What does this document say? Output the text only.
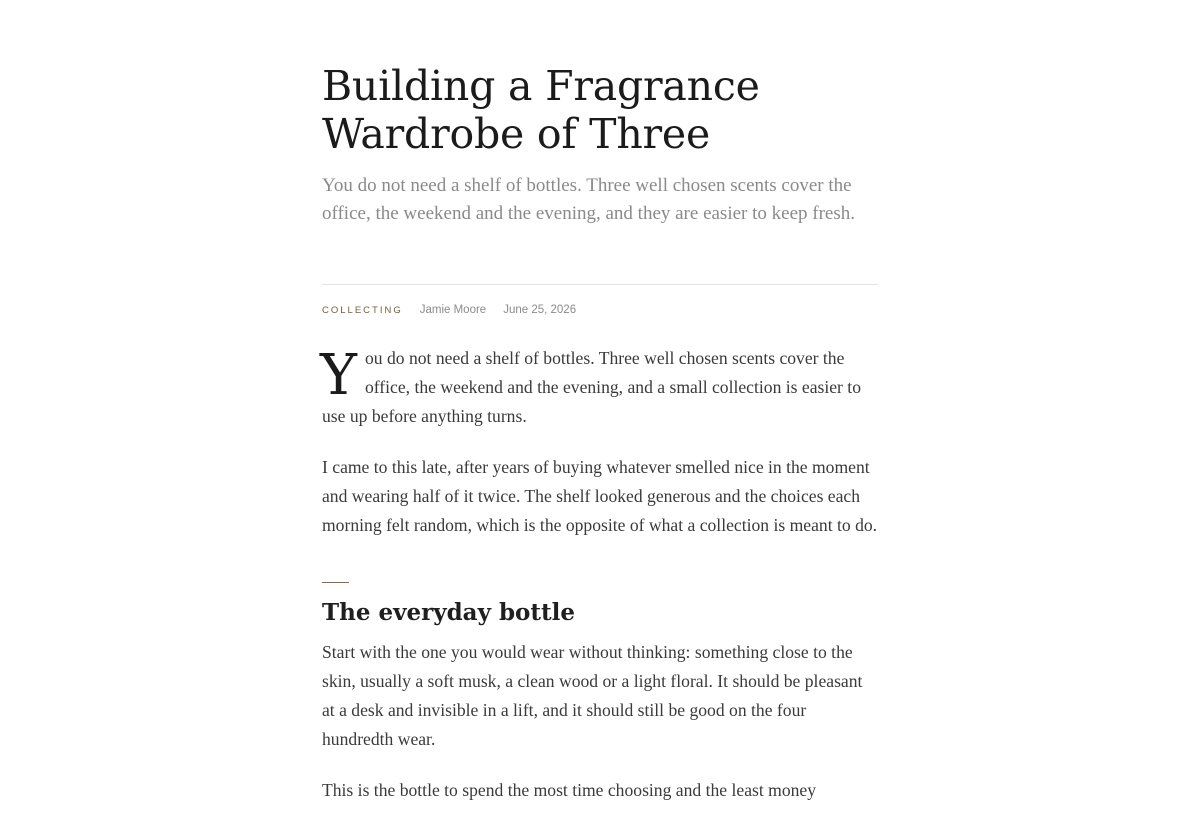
Building a Fragrance Wardrobe of Three

You do not need a shelf of bottles. Three well chosen scents cover the office, the weekend and the evening, and they are easier to keep fresh.

COLLECTING Jamie Moore June 25, 2026

You do not need a shelf of bottles. Three well chosen scents cover the office, the weekend and the evening, and a small collection is easier to use up before anything turns.

I came to this late, after years of buying whatever smelled nice in the moment and wearing half of it twice. The shelf looked generous and the choices each morning felt random, which is the opposite of what a collection is meant to do.

The everyday bottle

Start with the one you would wear without thinking: something close to the skin, usually a soft musk, a clean wood or a light floral. It should be pleasant at a desk and invisible in a lift, and it should still be good on the four hundredth wear.

This is the bottle to spend the most time choosing and the least money
